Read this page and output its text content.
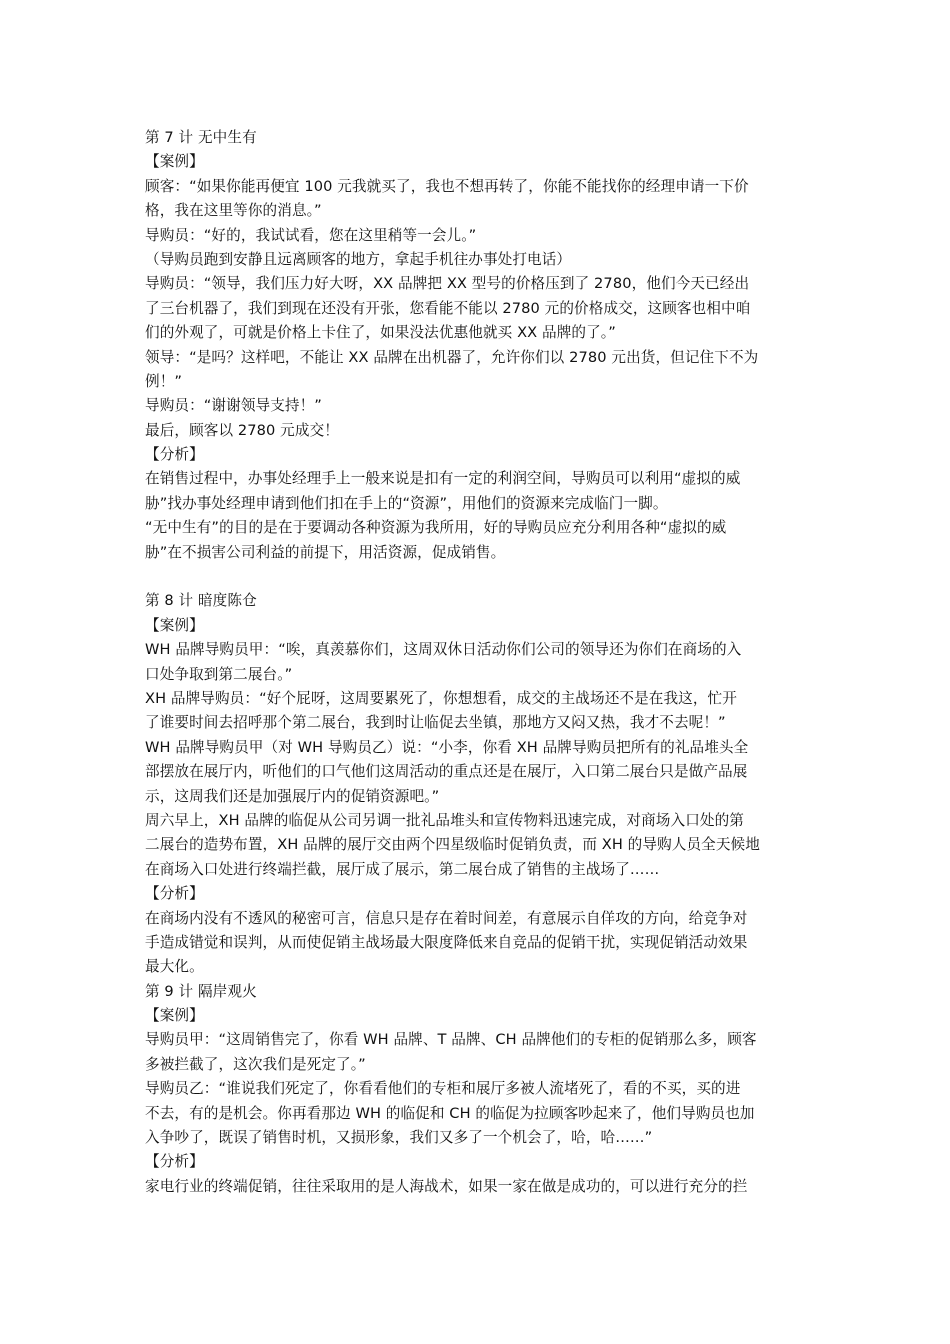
第 7 计 无中生有
【案例】
顾客：“如果你能再便宜 100 元我就买了，我也不想再转了，你能不能找你的经理申请一下价
格，我在这里等你的消息。”
导购员：“好的，我试试看，您在这里稍等一会儿。”
（导购员跑到安静且远离顾客的地方，拿起手机往办事处打电话）
导购员：“领导，我们压力好大呀，XX 品牌把 XX 型号的价格压到了 2780，他们今天已经出
了三台机器了，我们到现在还没有开张，您看能不能以 2780 元的价格成交，这顾客也相中咱
们的外观了，可就是价格上卡住了，如果没法优惠他就买 XX 品牌的了。”
领导：“是吗？这样吧，不能让 XX 品牌在出机器了，允许你们以 2780 元出货，但记住下不为
例！”
导购员：“谢谢领导支持！”
最后，顾客以 2780 元成交！
【分析】
在销售过程中，办事处经理手上一般来说是扣有一定的利润空间，导购员可以利用“虚拟的威
胁”找办事处经理申请到他们扣在手上的“资源”，用他们的资源来完成临门一脚。
“无中生有”的目的是在于要调动各种资源为我所用，好的导购员应充分利用各种“虚拟的威
胁”在不损害公司利益的前提下，用活资源，促成销售。
第 8 计 暗度陈仓
【案例】
WH 品牌导购员甲：“唉，真羡慕你们，这周双休日活动你们公司的领导还为你们在商场的入
口处争取到第二展台。”
XH 品牌导购员：“好个屁呀，这周要累死了，你想想看，成交的主战场还不是在我这，忙开
了谁要时间去招呼那个第二展台，我到时让临促去坐镇，那地方又闷又热，我才不去呢！”
WH 品牌导购员甲（对 WH 导购员乙）说：“小李，你看 XH 品牌导购员把所有的礼品堆头全
部摆放在展厅内，听他们的口气他们这周活动的重点还是在展厅，入口第二展台只是做产品展
示，这周我们还是加强展厅内的促销资源吧。”
周六早上，XH 品牌的临促从公司另调一批礼品堆头和宣传物料迅速完成，对商场入口处的第
二展台的造势布置，XH 品牌的展厅交由两个四星级临时促销负责，而 XH 的导购人员全天候地
在商场入口处进行终端拦截，展厅成了展示，第二展台成了销售的主战场了……
【分析】
在商场内没有不透风的秘密可言，信息只是存在着时间差，有意展示自佯攻的方向，给竞争对
手造成错觉和误判，从而使促销主战场最大限度降低来自竞品的促销干扰，实现促销活动效果
最大化。
第 9 计 隔岸观火
【案例】
导购员甲：“这周销售完了，你看 WH 品牌、T 品牌、CH 品牌他们的专柜的促销那么多，顾客
多被拦截了，这次我们是死定了。”
导购员乙：“谁说我们死定了，你看看他们的专柜和展厅多被人流堵死了，看的不买，买的进
不去，有的是机会。你再看那边 WH 的临促和 CH 的临促为拉顾客吵起来了，他们导购员也加
入争吵了，既误了销售时机，又损形象，我们又多了一个机会了，哈，哈……”
【分析】
家电行业的终端促销，往往采取用的是人海战术，如果一家在做是成功的，可以进行充分的拦
